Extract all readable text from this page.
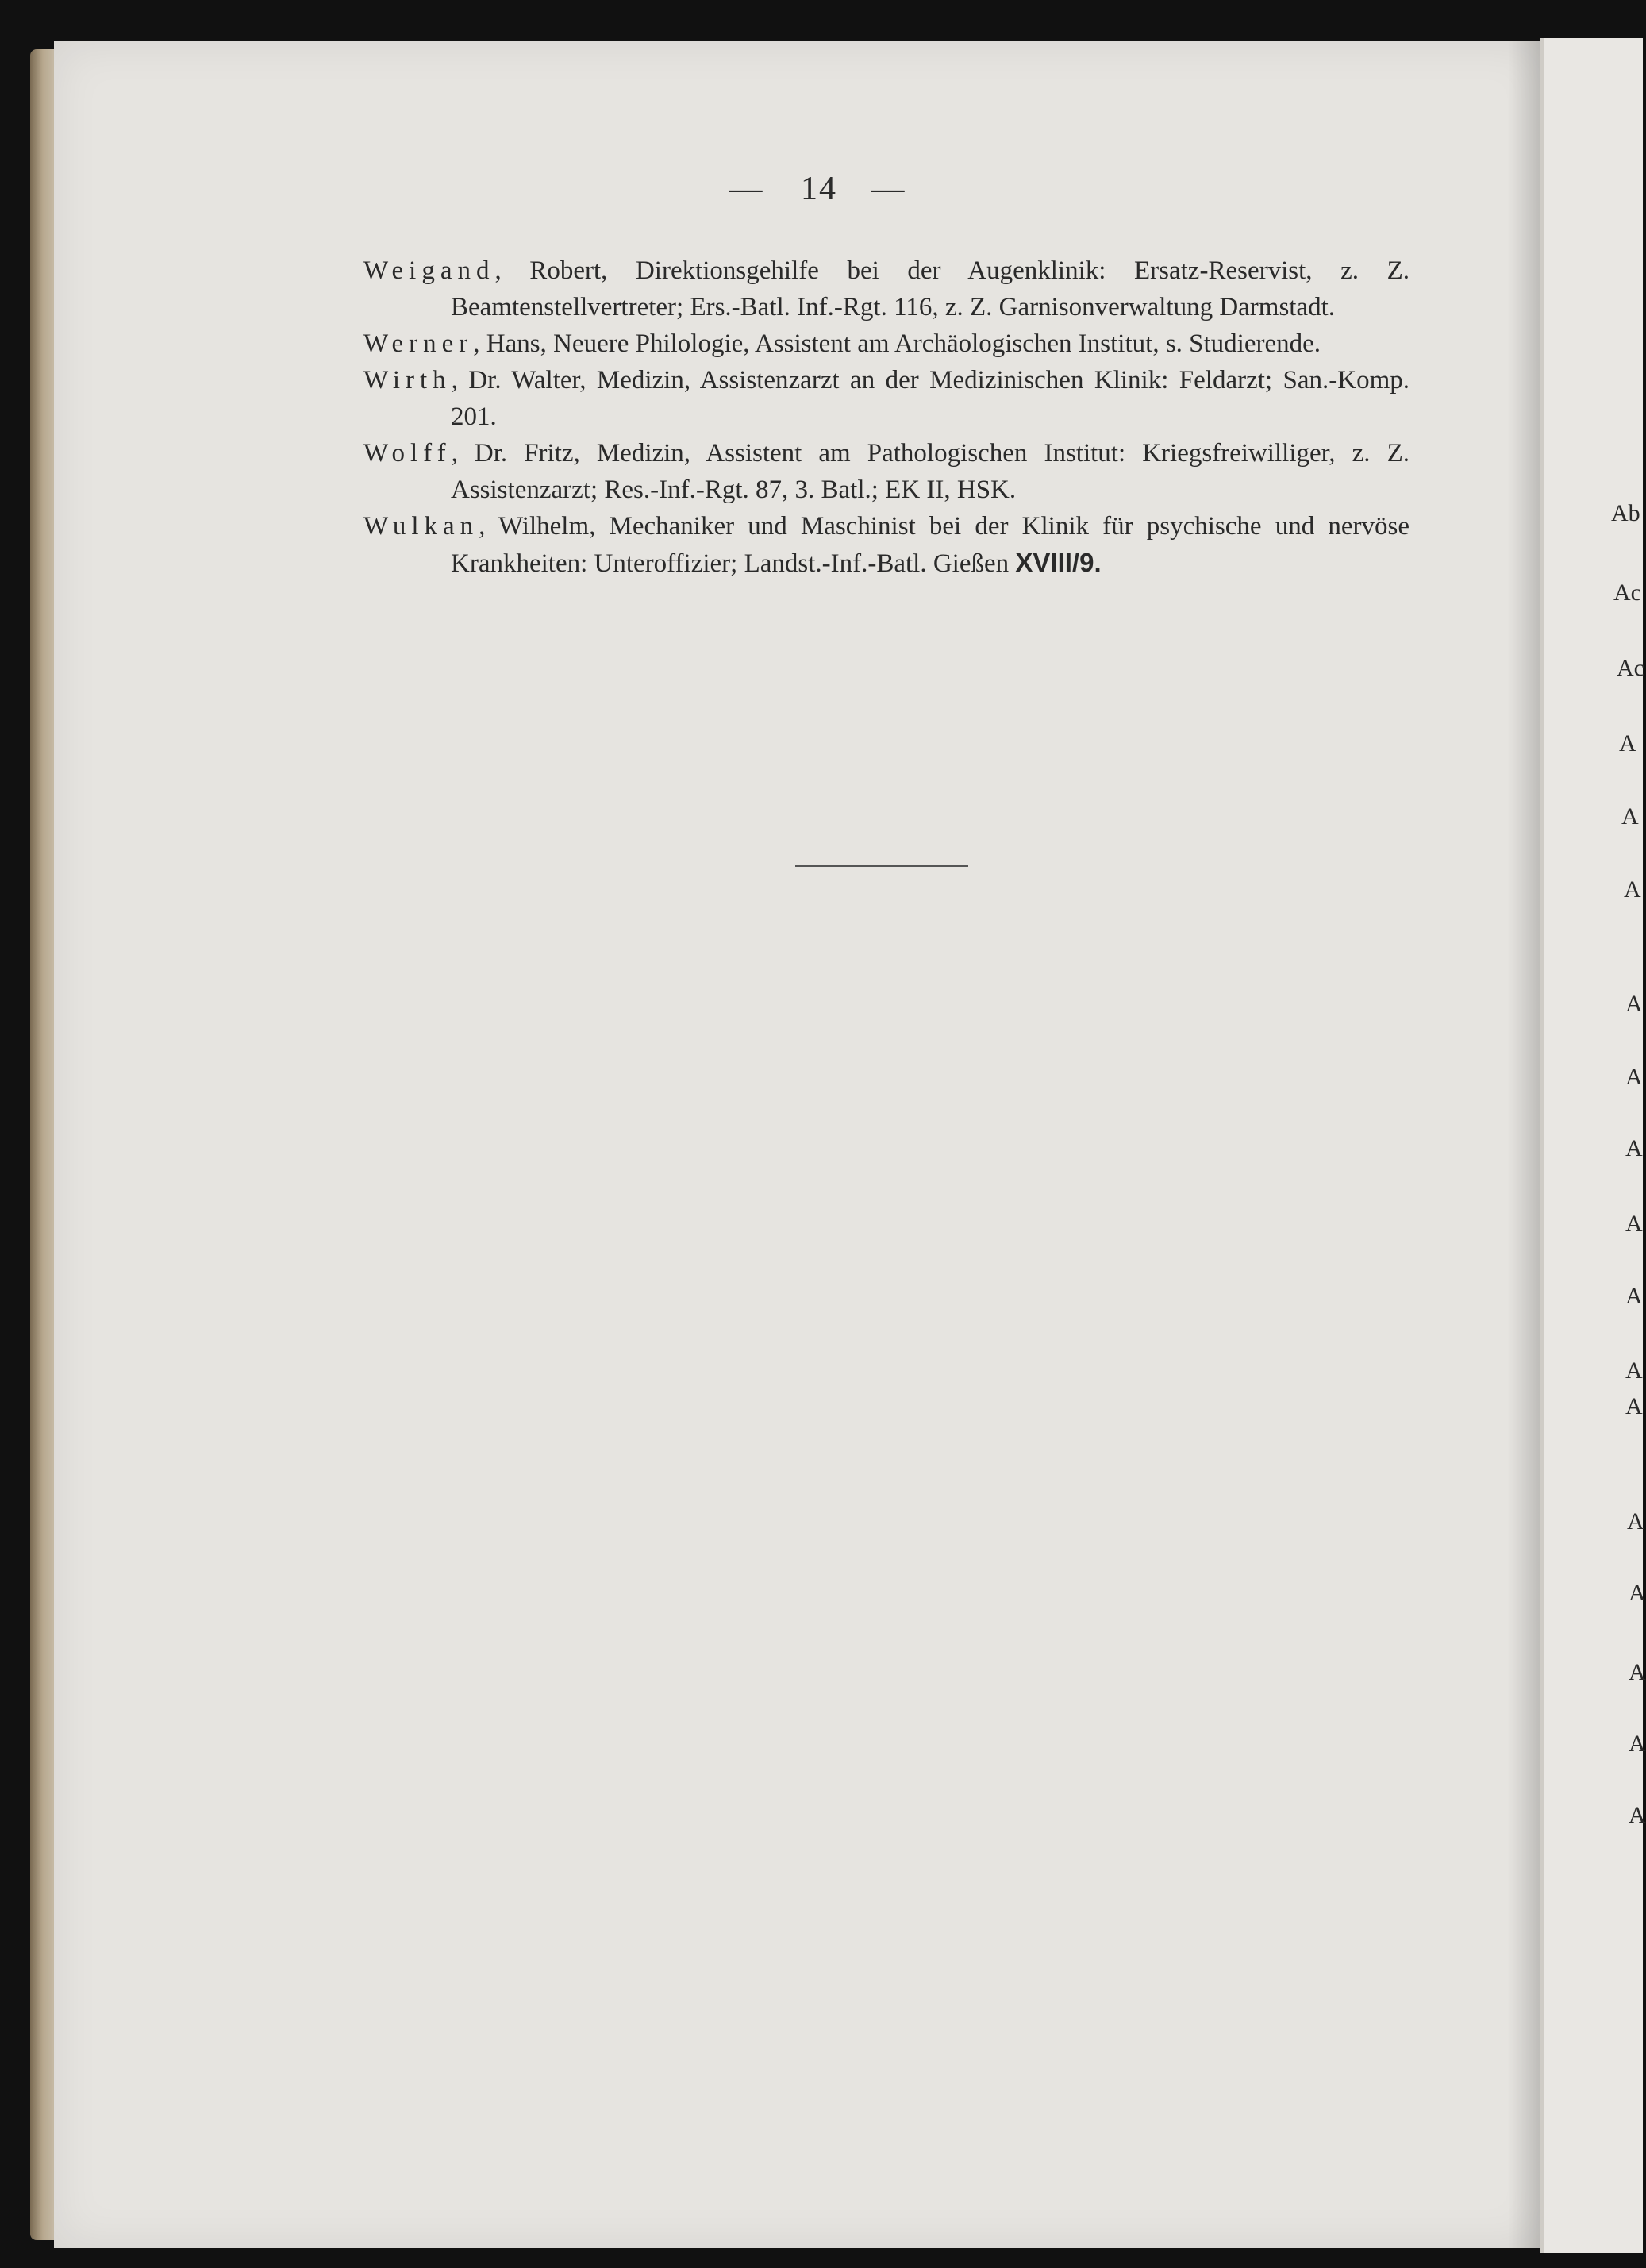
Ab
Ac
Ac
A
A
A
A
A
A
A
A
A
A
A
A
A
A
A
— 14 —

Weigand, Robert, Direktionsgehilfe bei der Augenklinik: Ersatz-Reservist, z. Z. Beamtenstellvertreter; Ers.-Batl. Inf.-Rgt. 116, z. Z. Garnisonverwaltung Darmstadt.

Werner, Hans, Neuere Philologie, Assistent am Archäologischen Institut, s. Studierende.

Wirth, Dr. Walter, Medizin, Assistenzarzt an der Medizinischen Klinik: Feldarzt; San.-Komp. 201.

Wolff, Dr. Fritz, Medizin, Assistent am Pathologischen Institut: Kriegsfreiwilliger, z. Z. Assistenzarzt; Res.-Inf.-Rgt. 87, 3. Batl.; EK II, HSK.

Wulkan, Wilhelm, Mechaniker und Maschinist bei der Klinik für psychische und nervöse Krankheiten: Unteroffizier; Landst.-Inf.-Batl. Gießen XVIII/9.
